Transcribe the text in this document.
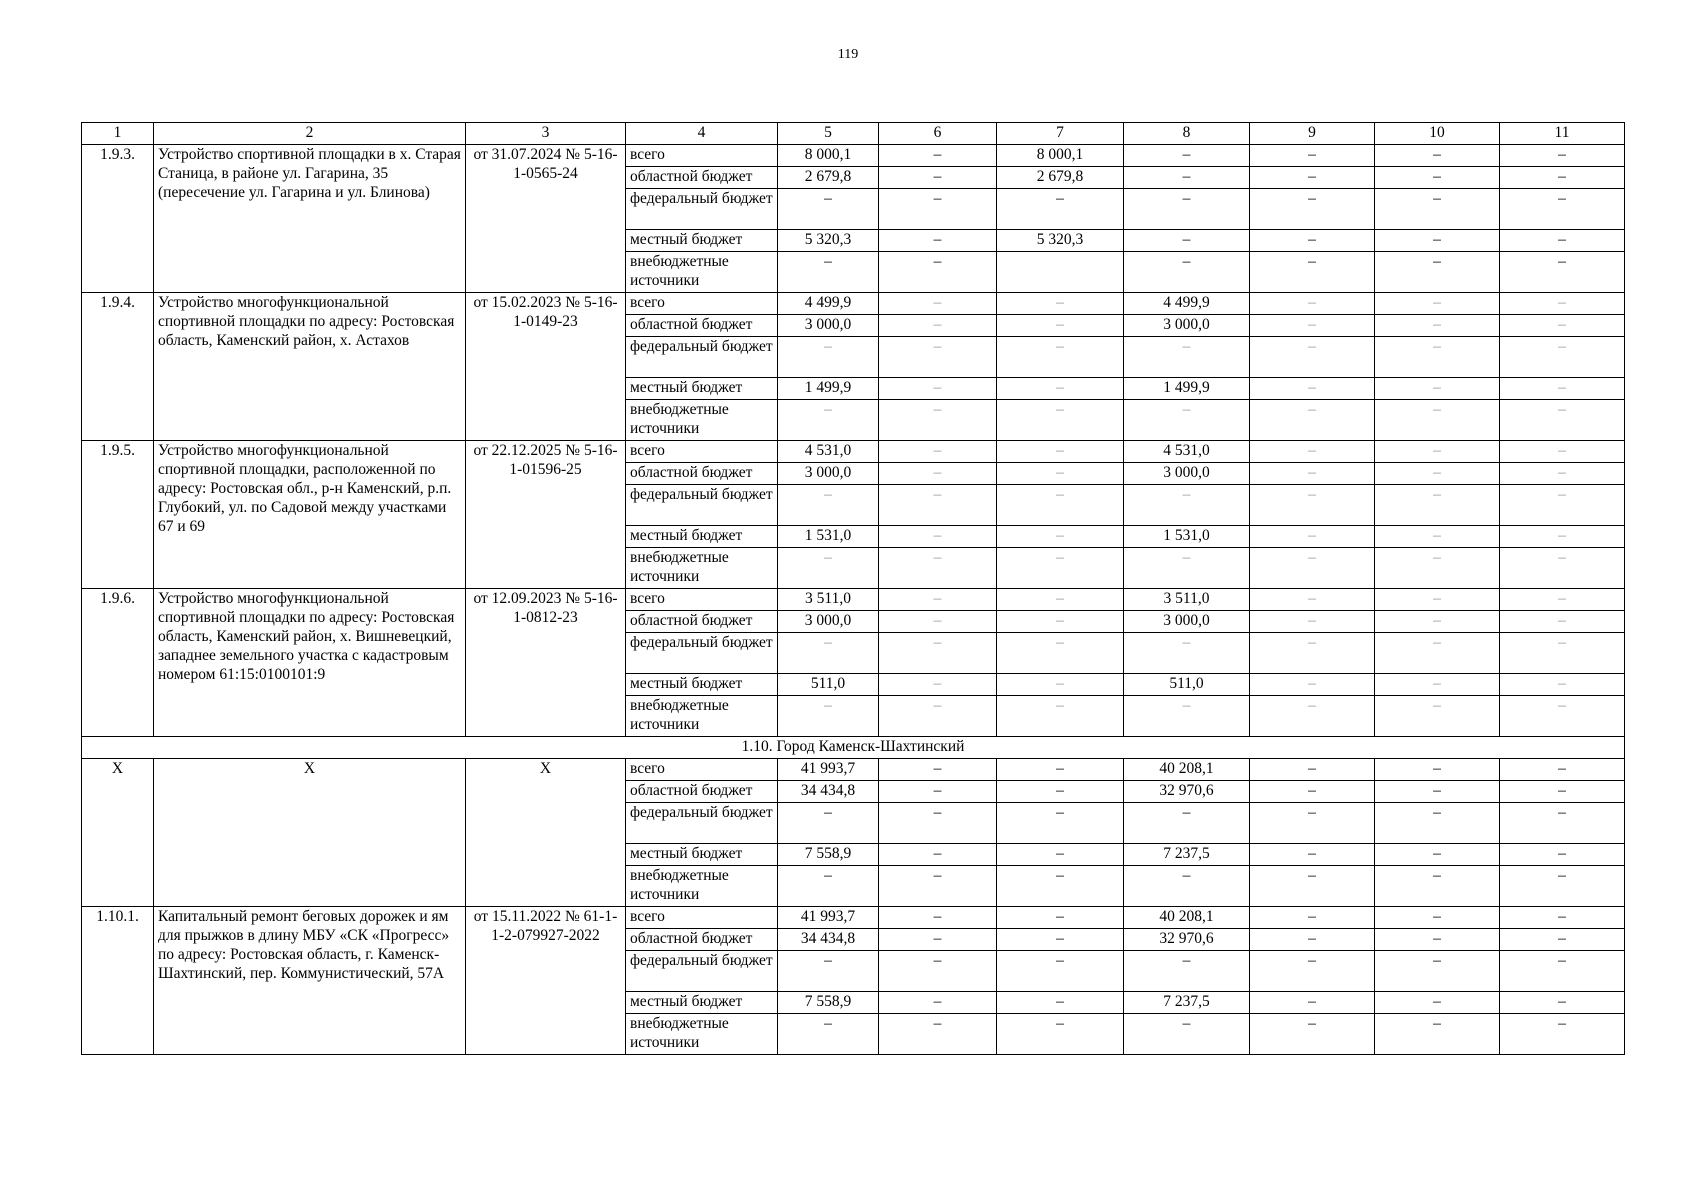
119
1	2	3	4	5	6	7	8	9	10	11
1.9.3.	Устройство спортивной площадки в х. Старая Станица, в районе ул. Гагарина, 35 (пересечение ул. Гагарина и ул. Блинова)	от 31.07.2024 № 5-16-1-0565-24	всего	8 000,1	–	8 000,1	–	–	–	–
			областной бюджет	2 679,8	–	2 679,8	–	–	–	–
			федеральный бюджет	–	–	–	–	–	–	–
			местный бюджет	5 320,3	–	5 320,3	–	–	–	–
			внебюджетные источники	–	–		–	–	–	–
1.9.4.	Устройство многофункциональной спортивной площадки по адресу: Ростовская область, Каменский район, х. Астахов	от 15.02.2023 № 5-16-1-0149-23	всего	4 499,9	–	–	4 499,9	–	–	–
			областной бюджет	3 000,0	–	–	3 000,0	–	–	–
			федеральный бюджет	–	–	–	–	–	–	–
			местный бюджет	1 499,9	–	–	1 499,9	–	–	–
			внебюджетные источники	–	–	–	–	–	–	–
1.9.5.	Устройство многофункциональной спортивной площадки, расположенной по адресу: Ростовская обл., р-н Каменский, р.п. Глубокий, ул. по Садовой между участками 67 и 69	от 22.12.2025 № 5-16-1-01596-25	всего	4 531,0	–	–	4 531,0	–	–	–
			областной бюджет	3 000,0	–	–	3 000,0	–	–	–
			федеральный бюджет	–	–	–	–	–	–	–
			местный бюджет	1 531,0	–	–	1 531,0	–	–	–
			внебюджетные источники	–	–	–	–	–	–	–
1.9.6.	Устройство многофункциональной спортивной площадки по адресу: Ростовская область, Каменский район, х. Вишневецкий, западнее земельного участка с кадастровым номером 61:15:0100101:9	от 12.09.2023 № 5-16-1-0812-23	всего	3 511,0	–	–	3 511,0	–	–	–
			областной бюджет	3 000,0	–	–	3 000,0	–	–	–
			федеральный бюджет	–	–	–	–	–	–	–
			местный бюджет	511,0	–	–	511,0	–	–	–
			внебюджетные источники	–	–	–	–	–	–	–
1.10. Город Каменск-Шахтинский										
X	X	X	всего	41 993,7	–	–	40 208,1	–	–	–
			областной бюджет	34 434,8	–	–	32 970,6	–	–	–
			федеральный бюджет	–	–	–	–	–	–	–
			местный бюджет	7 558,9	–	–	7 237,5	–	–	–
			внебюджетные источники	–	–	–	–	–	–	–
1.10.1.	Капитальный ремонт беговых дорожек и ям для прыжков в длину МБУ «СК «Прогресс» по адресу: Ростовская область, г. Каменск-Шахтинский, пер. Коммунистический, 57А	от 15.11.2022 № 61-1-1-2-079927-2022	всего	41 993,7	–	–	40 208,1	–	–	–
			областной бюджет	34 434,8	–	–	32 970,6	–	–	–
			федеральный бюджет	–	–	–	–	–	–	–
			местный бюджет	7 558,9	–	–	7 237,5	–	–	–
			внебюджетные источники	–	–	–	–	–	–	–
